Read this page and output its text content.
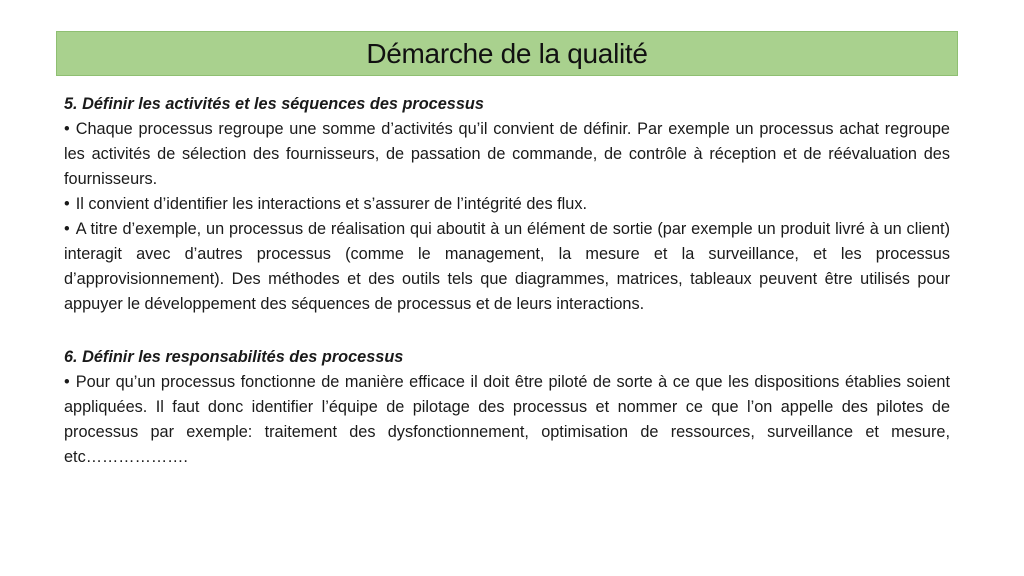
Démarche de la qualité

5. Définir les activités et les séquences des processus

• Chaque processus regroupe une somme d’activités qu’il convient de définir. Par exemple un processus achat regroupe les activités de sélection des fournisseurs, de passation de commande, de contrôle à réception et de réévaluation des fournisseurs.

• Il convient d’identifier les interactions et s’assurer de l’intégrité des flux.

• A titre d’exemple, un processus de réalisation qui aboutit à un élément de sortie (par exemple un produit livré à un client) interagit avec d’autres processus (comme le management, la mesure et la surveillance, et les processus d’approvisionnement). Des méthodes et des outils tels que diagrammes, matrices, tableaux peuvent être utilisés pour appuyer le développement des séquences de processus et de leurs interactions.

6. Définir les responsabilités des processus

• Pour qu’un processus fonctionne de manière efficace il doit être piloté de sorte à ce que les dispositions établies soient appliquées. Il faut donc identifier l’équipe de pilotage des processus et nommer ce que l’on appelle des pilotes de processus par exemple: traitement des dysfonctionnement, optimisation de ressources, surveillance et mesure, etc……………….
